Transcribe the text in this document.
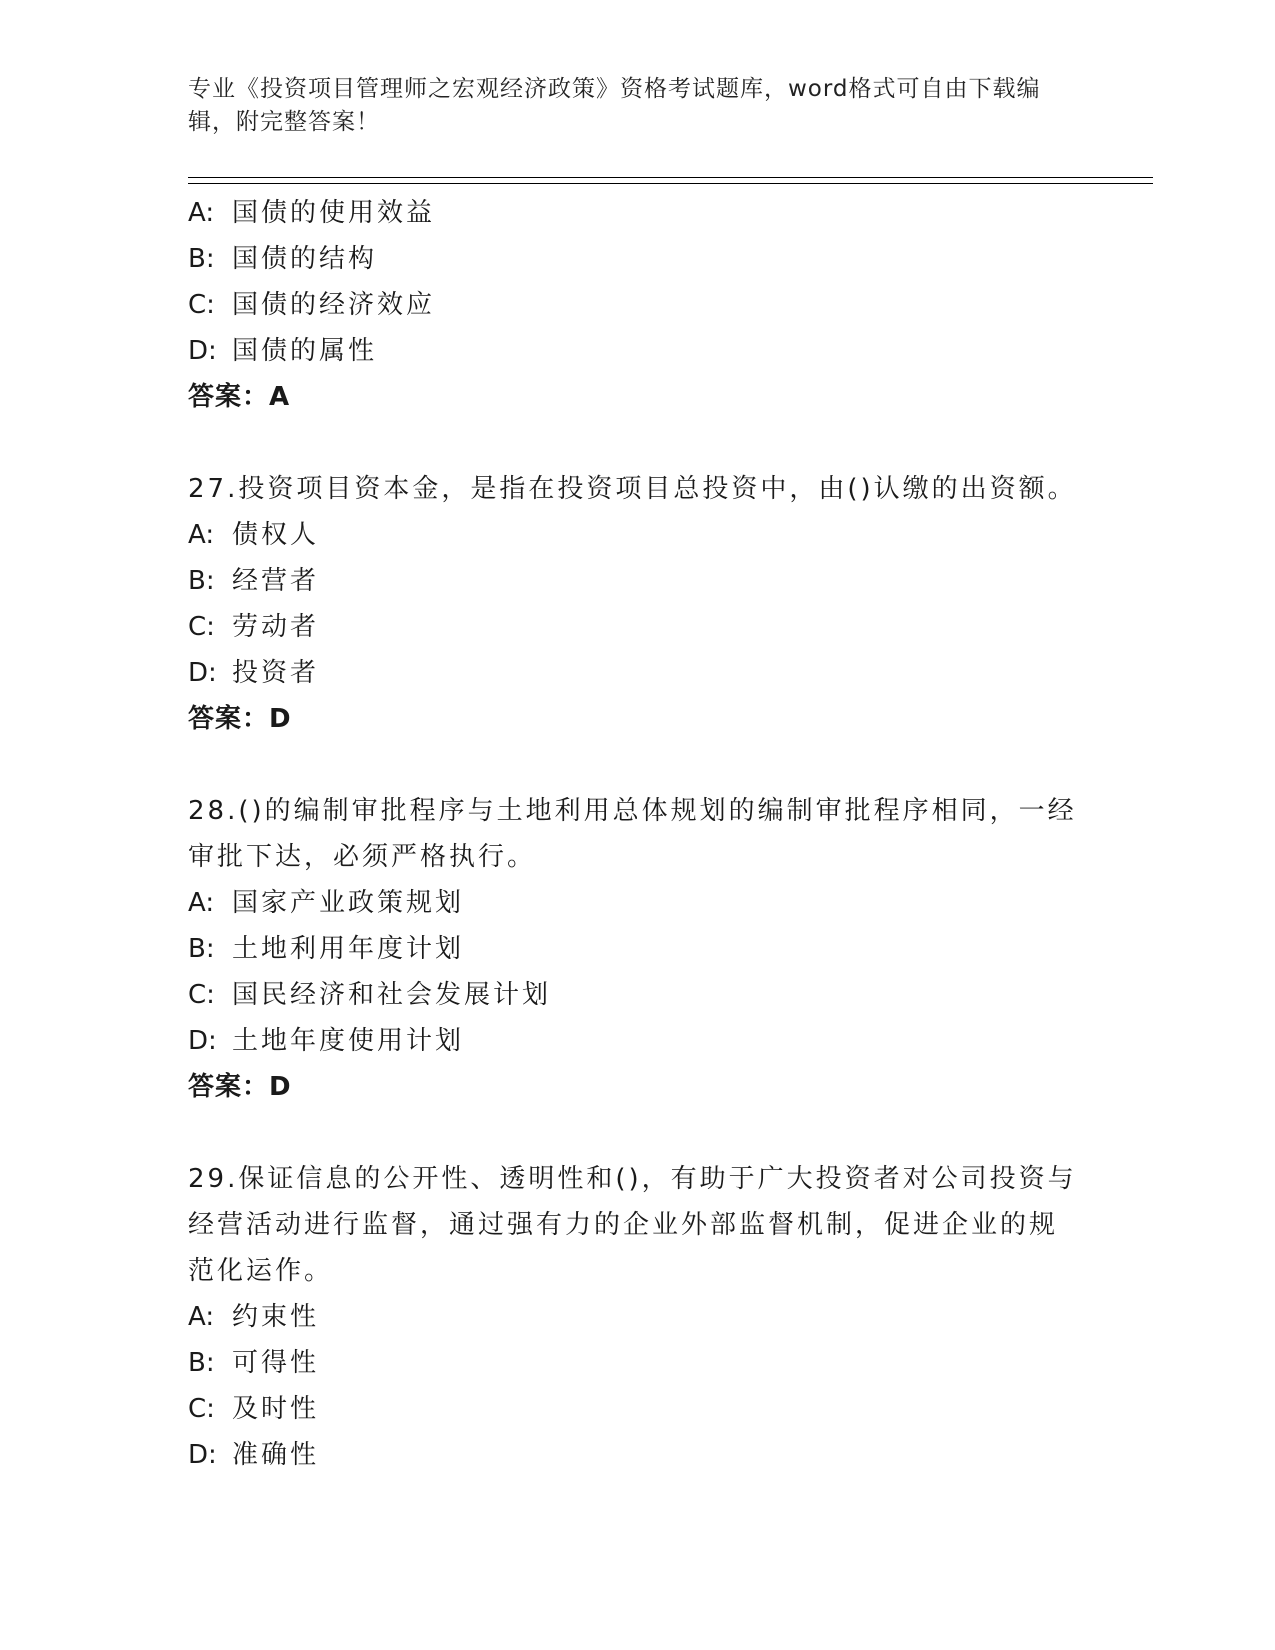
专业《投资项目管理师之宏观经济政策》资格考试题库，word格式可自由下载编辑，附完整答案！
A: 国债的使用效益
B: 国债的结构
C: 国债的经济效应
D: 国债的属性
答案：A
27.投资项目资本金，是指在投资项目总投资中，由()认缴的出资额。
A: 债权人
B: 经营者
C: 劳动者
D: 投资者
答案：D
28.()的编制审批程序与土地利用总体规划的编制审批程序相同，一经
审批下达，必须严格执行。
A: 国家产业政策规划
B: 土地利用年度计划
C: 国民经济和社会发展计划
D: 土地年度使用计划
答案：D
29.保证信息的公开性、透明性和()，有助于广大投资者对公司投资与
经营活动进行监督，通过强有力的企业外部监督机制，促进企业的规
范化运作。
A: 约束性
B: 可得性
C: 及时性
D: 准确性
